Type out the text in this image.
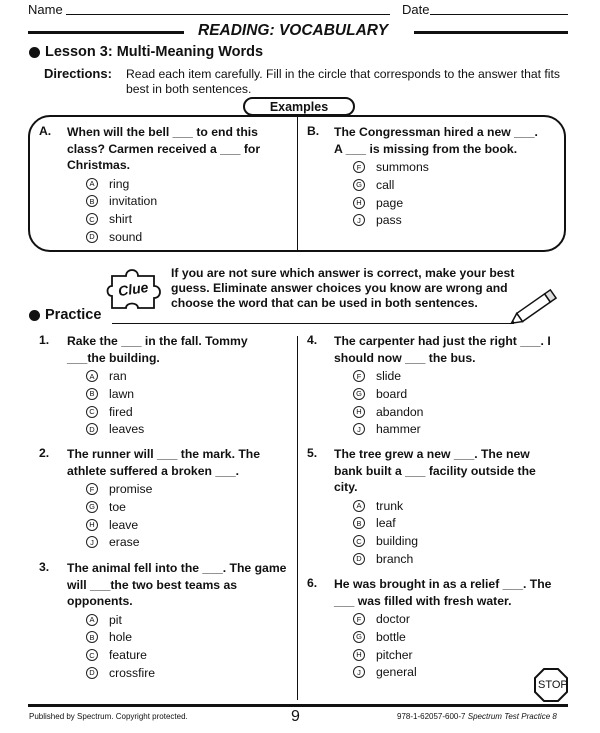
Name	Date
READING: VOCABULARY
Lesson 3: Multi-Meaning Words
Directions: Read each item carefully. Fill in the circle that corresponds to the answer that fits
best in both sentences.
Examples
A. When will the bell ___ to end this
class? Carmen received a ___ for
Christmas.
A ring
B invitation
C shirt
D sound
B. The Congressman hired a new ___.
A ___ is missing from the book.
F	summons
G call
H page
J	pass
Clue
If you are not sure which answer is correct, make your best
guess. Eliminate answer choices you know are wrong and
choose the word that can be used in both sentences.
Practice
1. Rake the ___ in the fall. Tommy
___the building.
A ran
B lawn
C fired
D leaves
2. The runner will ___ the mark. The
athlete suffered a broken ___.
F	promise
G toe
H leave
J	erase
3. The animal fell into the ___. The game
will ___the two best teams as
opponents.
A pit
B hole
C feature
D crossfire
4. The carpenter had just the right ___. I
should now ___ the bus.
F	slide
G board
H abandon
J	hammer
5. The tree grew a new ___. The new
bank built a ___ facility outside the
city.
A trunk
B leaf
C building
D branch
6. He was brought in as a relief ___. The
___ was filled with fresh water.
F	doctor
G bottle
H pitcher
J	general
STOP
Published by Spectrum. Copyright protected.	9	978-1-62057-600-7 Spectrum Test Practice 8
